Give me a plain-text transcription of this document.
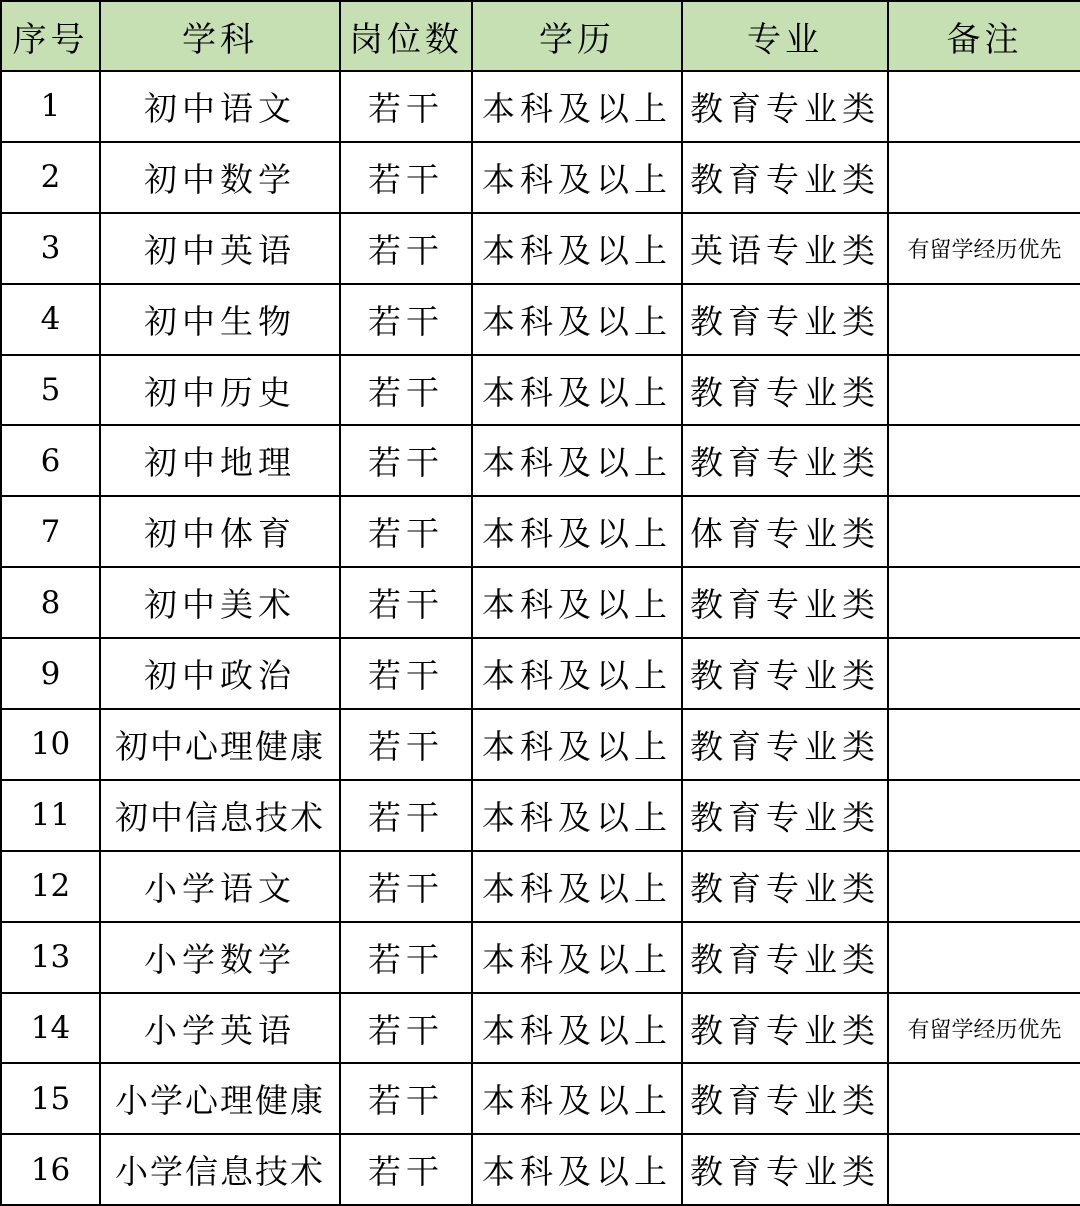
序号	学科	岗位数	学历	专业	备注
1	初中语文	若干	本科及以上	教育专业类	
2	初中数学	若干	本科及以上	教育专业类	
3	初中英语	若干	本科及以上	英语专业类	有留学经历优先
4	初中生物	若干	本科及以上	教育专业类	
5	初中历史	若干	本科及以上	教育专业类	
6	初中地理	若干	本科及以上	教育专业类	
7	初中体育	若干	本科及以上	体育专业类	
8	初中美术	若干	本科及以上	教育专业类	
9	初中政治	若干	本科及以上	教育专业类	
10	初中心理健康	若干	本科及以上	教育专业类	
11	初中信息技术	若干	本科及以上	教育专业类	
12	小学语文	若干	本科及以上	教育专业类	
13	小学数学	若干	本科及以上	教育专业类	
14	小学英语	若干	本科及以上	教育专业类	有留学经历优先
15	小学心理健康	若干	本科及以上	教育专业类	
16	小学信息技术	若干	本科及以上	教育专业类	
